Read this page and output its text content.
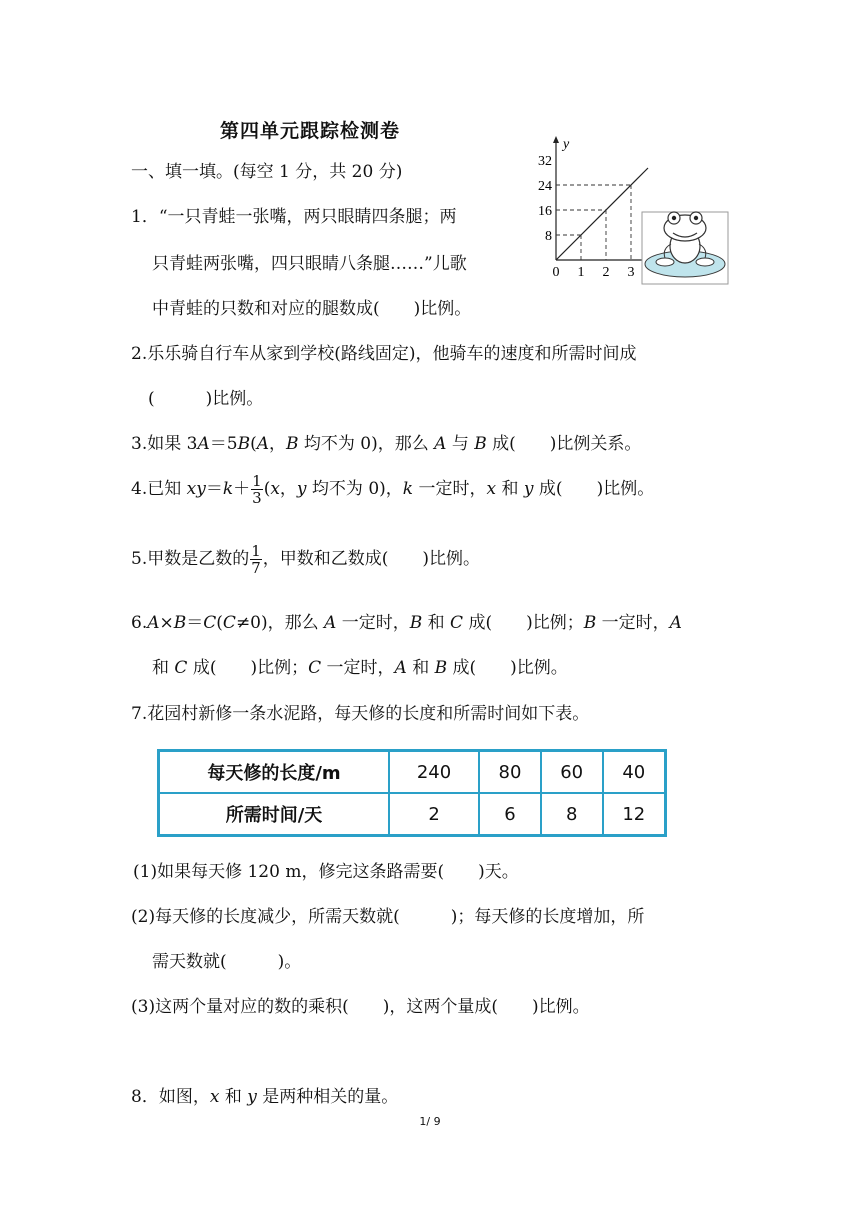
第四单元跟踪检测卷
一、填一填。(每空 1 分，共 20 分)
1．“一只青蛙一张嘴，两只眼睛四条腿；两
只青蛙两张嘴，四只眼睛八条腿……”儿歌
中青蛙的只数和对应的腿数成(　　)比例。
y
32
24
16
8
0 1 2 3
2.乐乐骑自行车从家到学校(路线固定)，他骑车的速度和所需时间成
(　　　)比例。
3.如果 3A＝5B(A，B 均不为 0)，那么 A 与 B 成(　　)比例关系。
4.已知 $xy=k+ \frac{1}{3} (x$，y 均不为 0)，k 一定时，x 和 y 成(　　)比例。
5.甲数是乙数的 $\frac{1}{7}$ ，甲数和乙数成(　　)比例。
6.A×B＝C(C≠0)，那么 A 一定时，B 和 C 成(　　)比例；B 一定时，A
和 C 成(　　)比例；C 一定时，A 和 B 成(　　)比例。
7.花园村新修一条水泥路，每天修的长度和所需时间如下表。
每天修的长度/m	240	80	60	40
所需时间/天	2	6	8	12
(1)如果每天修 120 m，修完这条路需要(　　)天。
(2)每天修的长度减少，所需天数就(　　　)；每天修的长度增加，所
需天数就(　　　)。
(3)这两个量对应的数的乘积(　　)，这两个量成(　　)比例。
8．如图，x 和 y 是两种相关的量。
1/ 9
